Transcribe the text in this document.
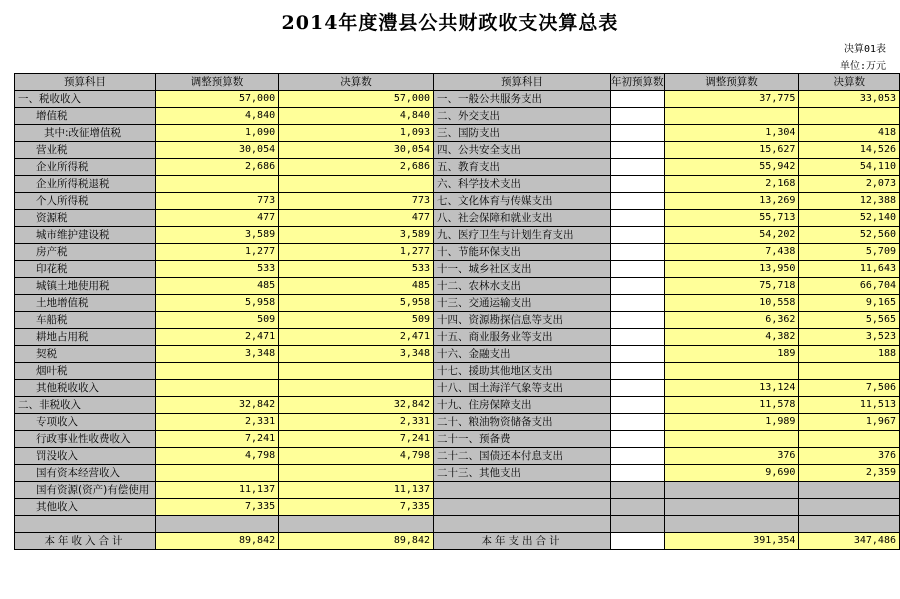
2014年度澧县公共财政收支决算总表
决算01表
单位:万元
预算科目	调整预算数	决算数	预算科目	年初预算数	调整预算数	决算数
一、税收收入	57,000	57,000	一、一般公共服务支出		37,775	33,053
增值税	4,840	4,840	二、外交支出			
其中:改征增值税	1,090	1,093	三、国防支出		1,304	418
营业税	30,054	30,054	四、公共安全支出		15,627	14,526
企业所得税	2,686	2,686	五、教育支出		55,942	54,110
企业所得税退税			六、科学技术支出		2,168	2,073
个人所得税	773	773	七、文化体育与传媒支出		13,269	12,388
资源税	477	477	八、社会保障和就业支出		55,713	52,140
城市维护建设税	3,589	3,589	九、医疗卫生与计划生育支出		54,202	52,560
房产税	1,277	1,277	十、节能环保支出		7,438	5,709
印花税	533	533	十一、城乡社区支出		13,950	11,643
城镇土地使用税	485	485	十二、农林水支出		75,718	66,704
土地增值税	5,958	5,958	十三、交通运输支出		10,558	9,165
车船税	509	509	十四、资源勘探信息等支出		6,362	5,565
耕地占用税	2,471	2,471	十五、商业服务业等支出		4,382	3,523
契税	3,348	3,348	十六、金融支出		189	188
烟叶税			十七、援助其他地区支出			
其他税收收入			十八、国土海洋气象等支出		13,124	7,506
二、非税收入	32,842	32,842	十九、住房保障支出		11,578	11,513
专项收入	2,331	2,331	二十、粮油物资储备支出		1,989	1,967
行政事业性收费收入	7,241	7,241	二十一、预备费			
罚没收入	4,798	4,798	二十二、国债还本付息支出		376	376
国有资本经营收入			二十三、其他支出		9,690	2,359
国有资源(资产)有偿使用	11,137	11,137				
其他收入	7,335	7,335				

本年收入合计	89,842	89,842	本年支出合计		391,354	347,486
